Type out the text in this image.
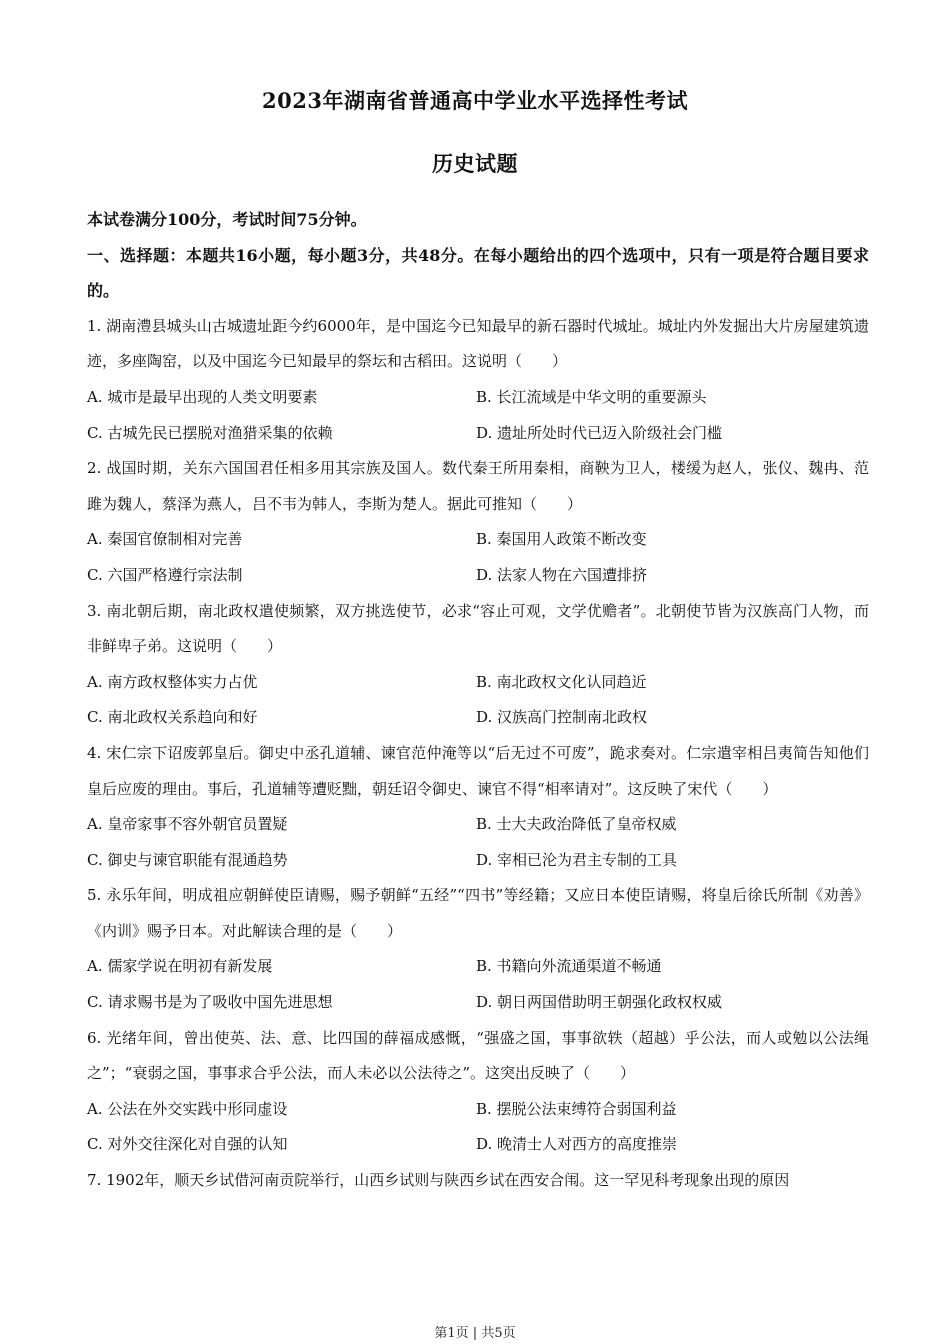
2023年湖南省普通高中学业水平选择性考试
历史试题

本试卷满分100分，考试时间75分钟。

一、选择题：本题共16小题，每小题3分，共48分。在每小题给出的四个选项中，只有一项是符合题目要求的。

1. 湖南澧县城头山古城遗址距今约6000年，是中国迄今已知最早的新石器时代城址。城址内外发掘出大片房屋建筑遗迹，多座陶窑，以及中国迄今已知最早的祭坛和古稻田。这说明（　　）

A. 城市是最早出现的人类文明要素	B. 长江流域是中华文明的重要源头
C. 古城先民已摆脱对渔猎采集的依赖	D. 遗址所处时代已迈入阶级社会门槛

2. 战国时期，关东六国国君任相多用其宗族及国人。数代秦王所用秦相，商鞅为卫人，楼缓为赵人，张仪、魏冉、范雎为魏人，蔡泽为燕人，吕不韦为韩人，李斯为楚人。据此可推知（　　）

A. 秦国官僚制相对完善	B. 秦国用人政策不断改变
C. 六国严格遵行宗法制	D. 法家人物在六国遭排挤

3. 南北朝后期，南北政权遣使频繁，双方挑选使节，必求“容止可观，文学优赡者”。北朝使节皆为汉族高门人物，而非鲜卑子弟。这说明（　　）

A. 南方政权整体实力占优	B. 南北政权文化认同趋近
C. 南北政权关系趋向和好	D. 汉族高门控制南北政权

4. 宋仁宗下诏废郭皇后。御史中丞孔道辅、谏官范仲淹等以“后无过不可废”，跪求奏对。仁宗遣宰相吕夷简告知他们皇后应废的理由。事后，孔道辅等遭贬黜，朝廷诏令御史、谏官不得“相率请对”。这反映了宋代（　　）

A. 皇帝家事不容外朝官员置疑	B. 士大夫政治降低了皇帝权威
C. 御史与谏官职能有混通趋势	D. 宰相已沦为君主专制的工具

5. 永乐年间，明成祖应朝鲜使臣请赐，赐予朝鲜“五经”“四书”等经籍；又应日本使臣请赐，将皇后徐氏所制《劝善》《内训》赐予日本。对此解读合理的是（　　）

A. 儒家学说在明初有新发展	B. 书籍向外流通渠道不畅通
C. 请求赐书是为了吸收中国先进思想	D. 朝日两国借助明王朝强化政权权威

6. 光绪年间，曾出使英、法、意、比四国的薛福成感慨，“强盛之国，事事欲轶（超越）乎公法，而人或勉以公法绳之”；“衰弱之国，事事求合乎公法，而人未必以公法待之”。这突出反映了（　　）

A. 公法在外交实践中形同虚设	B. 摆脱公法束缚符合弱国利益
C. 对外交往深化对自强的认知	D. 晚清士人对西方的高度推崇

7. 1902年，顺天乡试借河南贡院举行，山西乡试则与陕西乡试在西安合闱。这一罕见科考现象出现的原因

第1页 | 共5页
